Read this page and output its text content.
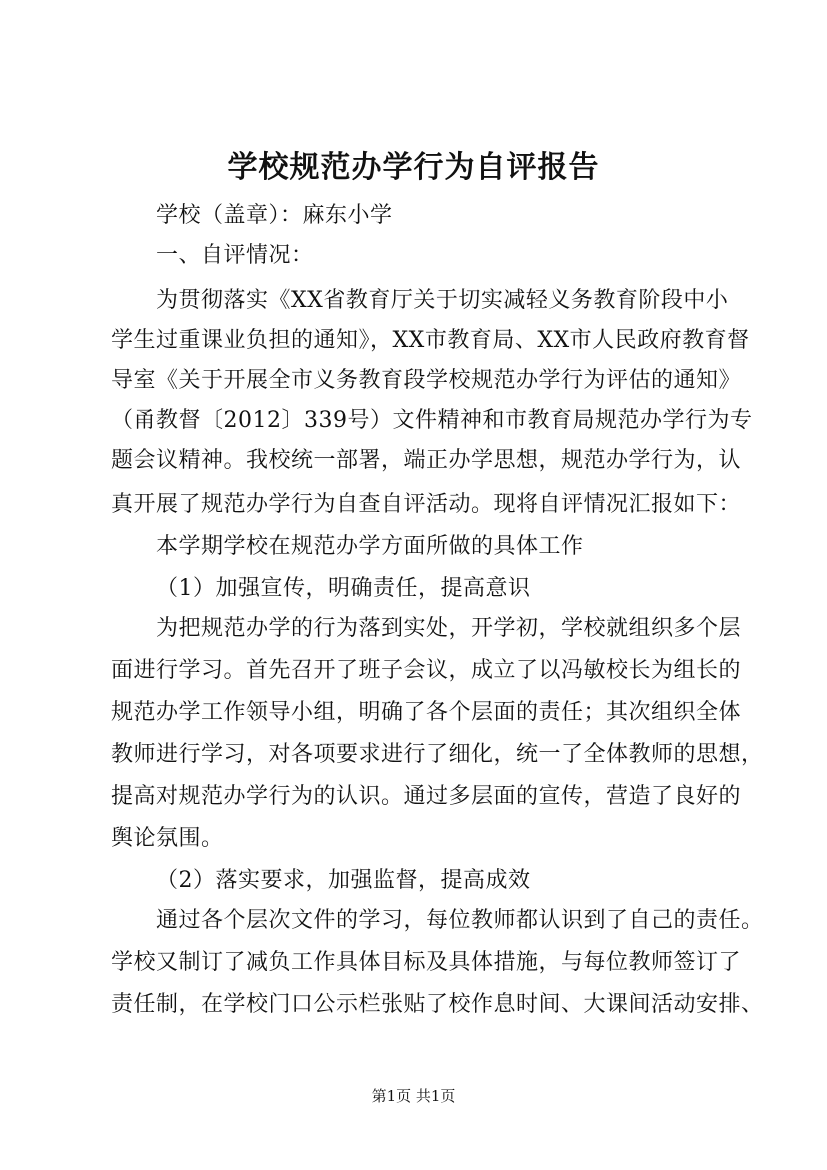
学校规范办学行为自评报告
学校（盖章）：麻东小学
一、自评情况：
为贯彻落实《XX省教育厅关于切实减轻义务教育阶段中小
学生过重课业负担的通知》，XX市教育局、XX市人民政府教育督
导室《关于开展全市义务教育段学校规范办学行为评估的通知》
（甬教督〔2012〕339号）文件精神和市教育局规范办学行为专
题会议精神。我校统一部署，端正办学思想，规范办学行为，认
真开展了规范办学行为自查自评活动。现将自评情况汇报如下：
本学期学校在规范办学方面所做的具体工作
（1）加强宣传，明确责任，提高意识
为把规范办学的行为落到实处，开学初，学校就组织多个层
面进行学习。首先召开了班子会议，成立了以冯敏校长为组长的
规范办学工作领导小组，明确了各个层面的责任；其次组织全体
教师进行学习，对各项要求进行了细化，统一了全体教师的思想，
提高对规范办学行为的认识。通过多层面的宣传，营造了良好的
舆论氛围。
（2）落实要求，加强监督，提高成效
通过各个层次文件的学习，每位教师都认识到了自己的责任。
学校又制订了减负工作具体目标及具体措施，与每位教师签订了
责任制，在学校门口公示栏张贴了校作息时间、大课间活动安排、
第1页 共1页
